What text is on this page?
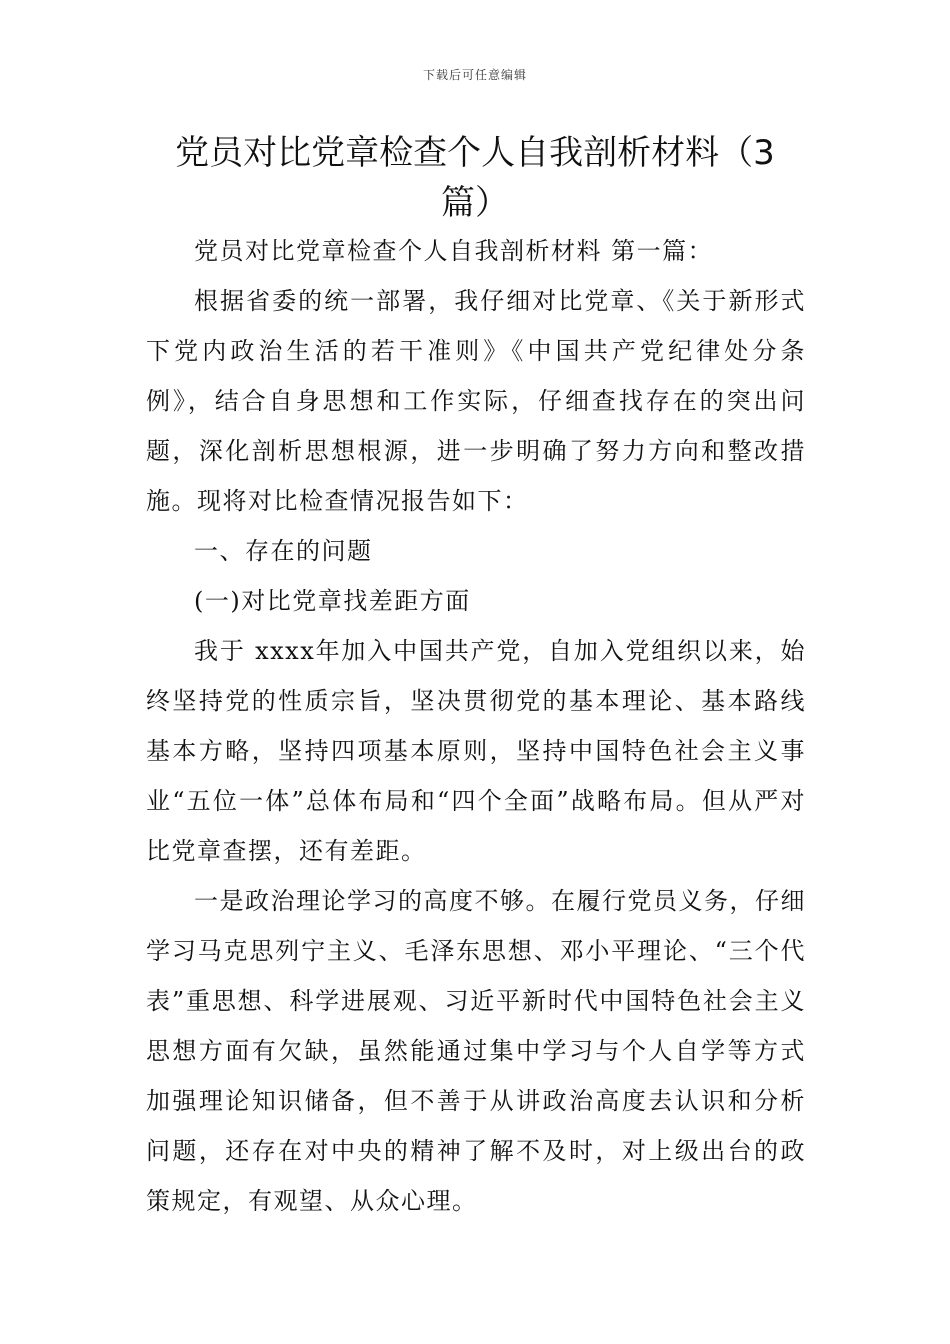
下载后可任意编辑
党员对比党章检查个人自我剖析材料（3篇）

党员对比党章检查个人自我剖析材料 第一篇：

根据省委的统一部署，我仔细对比党章、《关于新形式下党内政治生活的若干准则》《中国共产党纪律处分条例》，结合自身思想和工作实际，仔细查找存在的突出问题，深化剖析思想根源，进一步明确了努力方向和整改措施。现将对比检查情况报告如下：

一、存在的问题

(一)对比党章找差距方面

我于 xxxx年加入中国共产党，自加入党组织以来，始终坚持党的性质宗旨，坚决贯彻党的基本理论、基本路线基本方略，坚持四项基本原则，坚持中国特色社会主义事业“五位一体”总体布局和“四个全面”战略布局。但从严对比党章查摆，还有差距。

一是政治理论学习的高度不够。在履行党员义务，仔细学习马克思列宁主义、毛泽东思想、邓小平理论、“三个代表”重思想、科学进展观、习近平新时代中国特色社会主义思想方面有欠缺，虽然能通过集中学习与个人自学等方式加强理论知识储备，但不善于从讲政治高度去认识和分析问题，还存在对中央的精神了解不及时，对上级出台的政策规定，有观望、从众心理。
